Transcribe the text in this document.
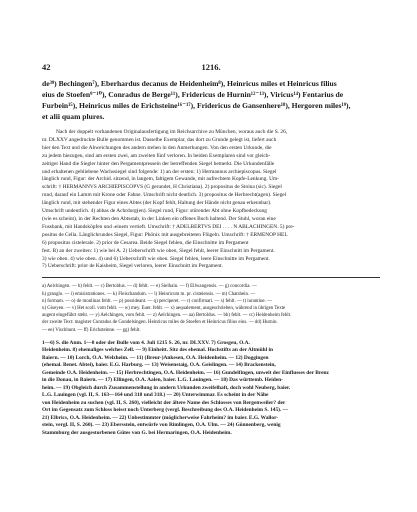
42	1216.

de³⁹) Bechingen⁷), Eberhardus decanus de Heidenheim⁸), Heinricus miles et Heinricus filius

eius de Stoefen⁹⁻¹⁰), Conradus de Berge¹¹), Fridericus de Hurnin¹²⁻¹³), Viricus¹⁴) Fentarius de

Furbein¹⁵), Heinricus miles de Erichsteine¹⁶⁻¹⁷), Fridericus de Gansenhere¹⁸), Hergoren miles¹⁹),

et alii quam plures.

Nach der doppelt vorhandenen Originalausfertigung im Reichsarchive zu München, woraus auch die S. 26,

nr. DLXXV angedruckte Bulle genommen ist. Dasselbe Exemplar, das dort zu Grunde gelegt ist, liefert auch
hier den Text und die Abweichungen des andern stehen in den Anmerkungen. Von den ersten Urkunde, die
zu jedem hiezugen, sind am ersten zwei, am zweiten fünf verloren. In beiden Exemplaren sind vor gleich-
zeitiger Hand die Siegler hinter den Pergamentpressein der betreffenden Siegel bemerkt. Die Urkundenfälle
und erhaltenen gebliebene Wachssiegel sind folgende: 1) an der ersten: 1) Hermannus archiepiscopus. Siegel
länglich rund, Figur: der Archid. sitzend, in langem, faltigem Gewande, mit aufrechtem Kopfe-Lenkung. Um-
schrift: † HERMANNVS ARCHIEPISCOPVS (G gerundet, H Christiana). 2) propositus de Stoina (sic). Siegel
rund, darauf ein Lamm mit Krone oder Fahne. Umschrift nicht deutlich. 3) propositus de Herbrecht(agen). Siegel
länglich rund, mit stehender Figur eines Abtes (der Kopf fehlt, Haltung der Hände nicht genau erkennbar).
Umschrift undeutlich. 4) abbas de Achrdorg(en). Siegel rund, Figur: stürender Abt ohne Kopfbedeckung
(wie es scheint), in der Rechten den Abtsstab, in der Linken ein offenes Buch haltend. Der Stuhl, woran eine
Fussbank, mit Handsköpfen und ‹einem vertieft. Umschrift: † ADELBERTVS DEI . . . . N ABLACHINGEN. 5) pre-
positus de Cella. Länglichrundes Siegel, Figur: Phönix mit ausgebreiteten Flügeln. Umschrift: † ERMENOP HEL
6) propositus cistelerale. 2) prior de Cesarea. Beide Siegel fehlen, die Einschnitte im Pergament
fest. B) an der zweiten: 1) wie bei A. 2) Ueberschrift wie oben, Siegel fehlt, leerer Einschnitt im Pergament.
3) wie oben. 4) wie oben. 4) und 6) Ueberschrift wie oben. Siegel fehlen, leere Einschnitte im Pergament.
7) Ueberschrift: prior de Kaisheim, Siegel verloren, leerer Einschnitt im Pergament.

a) Aelchingen. — b) fehlt. — c) Bertoldus. — d) fehlt. — e) Sielhain. — f) Ellwangensis. — g) concordia. —

h) granglo. — i) emisistrationes. — k) Fleischandum. — l) Heinricum m. pr. cisteiensis. — m) Chatshein. —

n) formam. — o) de monlinas fehlt. — p) possideant. — q) perciperet. — r) confirmari. — s) fehlt. — t) iurantine. —

u) Giseyen. — v) Het scoll. vom fehlt. — w) mey. Euer. fehlt. — x) aequalement, ausgeschrieben, während in übrigen Texte

augent eingeführt steht. — y) Aelchingen, vom fehlt. — z) Aelchingen. — aa) Bertoldus. — bb) fehlt. — cc) Heidenheim fehlt.

der zweite Text: magister Cunradus de Gundelsingen. Heinricus miles de Stoefen et Heinricus filius eius. — dd) Hurnin.

— ee) Vischhunt. — ff) Erichsteinne. — gg) fehlt.

1—6) S. die Anm. 1—8 oder der Bulle vom 4. Juli 1215 S. 26, nr. DLXXV. 7) Grosgeu, O.A.

Heidenheim. 8) ehemaliges welches Zell. — 9) Einheitt. Sitz des ehemal. Hochstifts an der Altmühl in

Baiern. — 10) Lorch, O.A. Welzheim. — 11) (Breur-)Ankesen, O.A. Heidenheim. — 12) Doggingen

(ehemal. Benet. Abtei), baier. E.G. Harburg. — 13) Weisenstaig, O.A. Geislingen. — 14) Brackenstein,

Gemeinde O.A. Heidenheim. — 15) Herbrechtingen, O.A. Heidenheim. — 16) Gundelfingen, unweit der Einflusses der Brenz

in die Donau, in Baiern. — 17) Ellingen, O.A. Aalen, baier. L.G. Lauingen. — 18) Das württemb. Heiden-

heim. — 19) Obgleich durch Zusammenstellung in andern Urkunden zweifelhaft, doch wohl Neuberg, baier.

L.G. Lauingen (vgl. II, S. 163—164 und 318 und 318.) — 20) Unterwimmar. Es scheint in der Nähe

von Heidenheim zu suchen (vgl. II, S. 260), vielleicht der ältere Name des Schlosses von Bergenweiler? der

Ort im Gegensatz zum Schloss heisst noch Unterberg (vergl. Beschreibung des O.A. Heidenheim S. 145). —

21) Elbrics, O.A. Heidenheim. — 22) Unbestimmter (möglicherweise Fahrheim? im baier. E.G. Wallor-

stein, vergl. II, S. 260). — 23) Ebersstein, entwürfe von Rimlingen, O.A. Ulm. — 24) Gönnenberg, wenig

Stammburg der ausgestorbenen Gütes von G. bei Hermaringen, O.A. Heidenheim.
